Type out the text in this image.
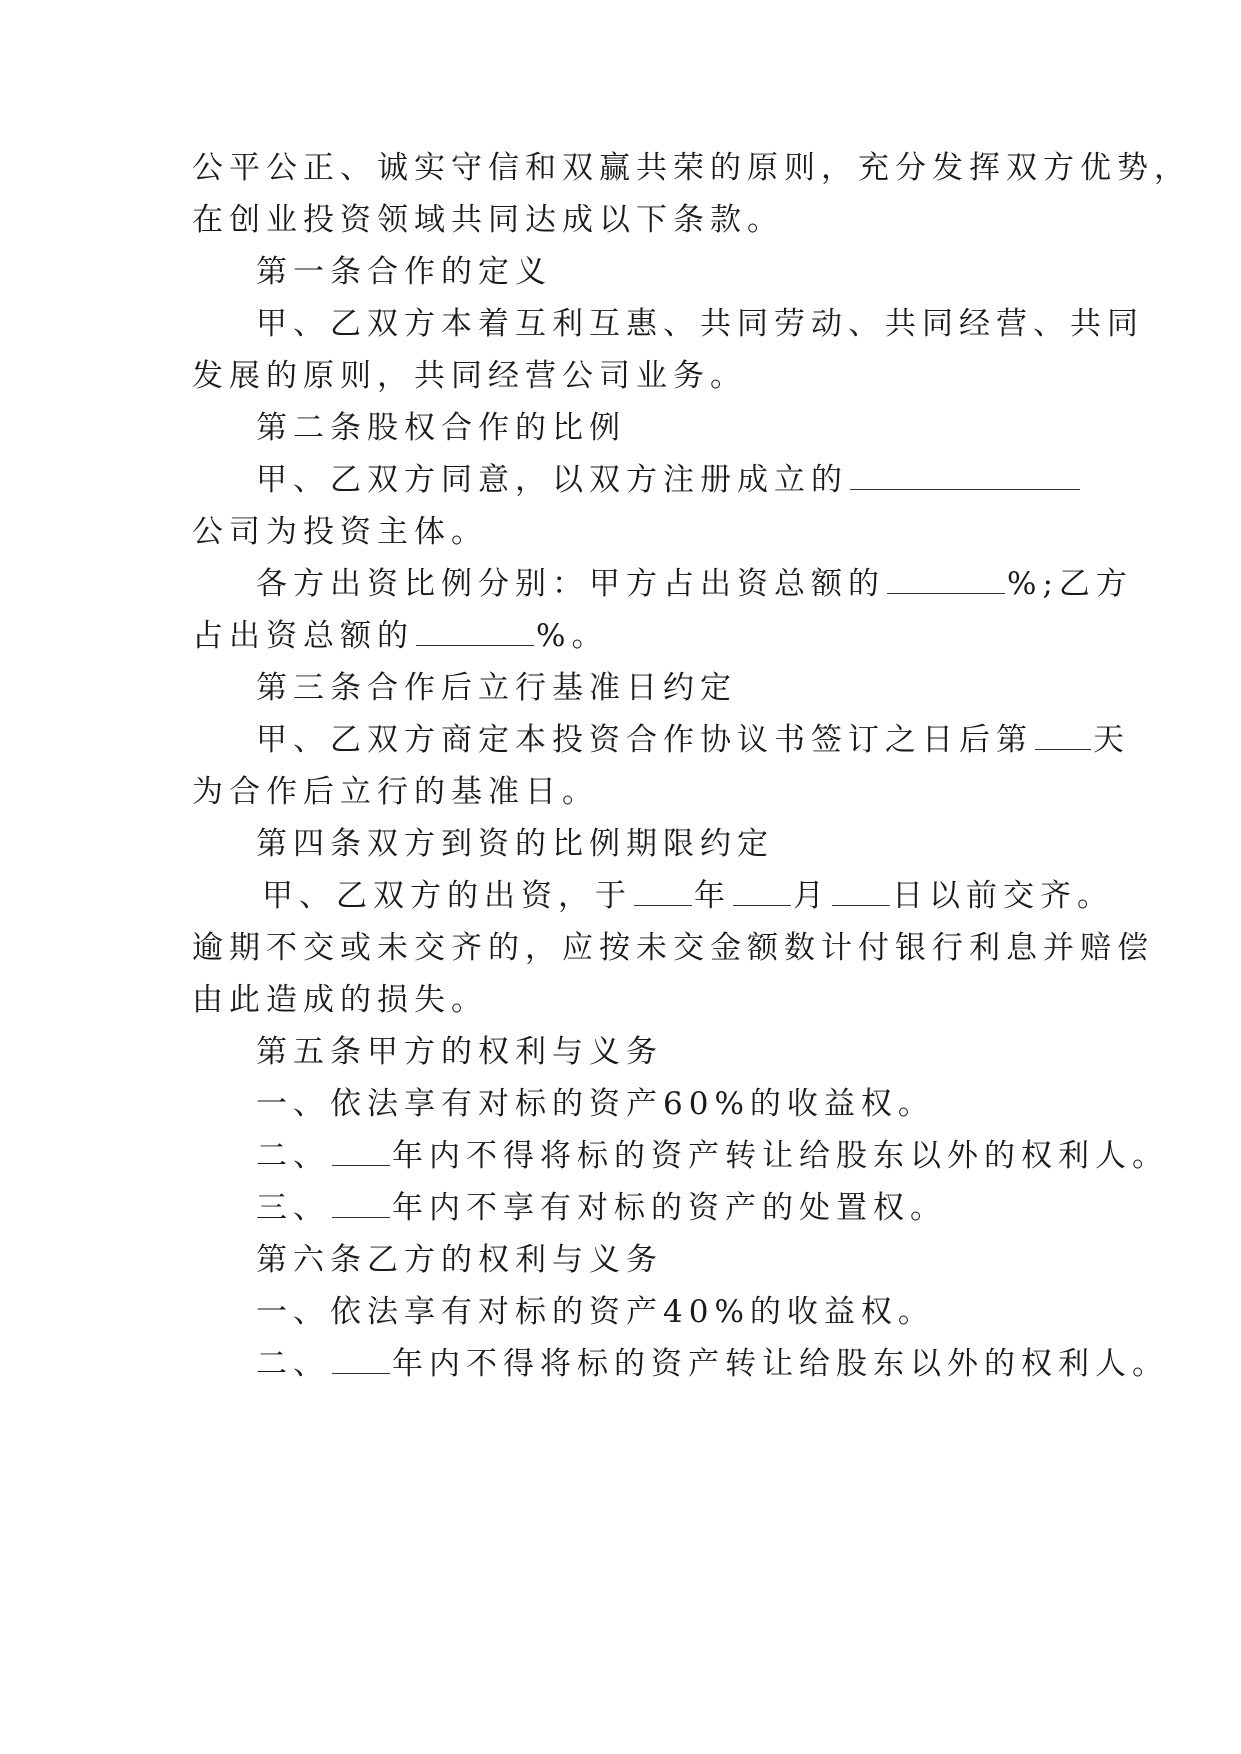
公平公正、诚实守信和双赢共荣的原则，充分发挥双方优势，
在创业投资领域共同达成以下条款。
第一条合作的定义
甲、乙双方本着互利互惠、共同劳动、共同经营、共同
发展的原则，共同经营公司业务。
第二条股权合作的比例
甲、乙双方同意，以双方注册成立的
公司为投资主体。
各方出资比例分别：甲方占出资总额的	%;乙方
占出资总额的	%。
第三条合作后立行基准日约定
甲、乙双方商定本投资合作协议书签订之日后第 天
为合作后立行的基准日。
第四条双方到资的比例期限约定
甲、乙双方的出资，于 年 月 日以前交齐。
逾期不交或未交齐的，应按未交金额数计付银行利息并赔偿
由此造成的损失。
第五条甲方的权利与义务
一、依法享有对标的资产60%的收益权。
二、 年内不得将标的资产转让给股东以外的权利人。
三、 年内不享有对标的资产的处置权。
第六条乙方的权利与义务
一、依法享有对标的资产40%的收益权。
二、 年内不得将标的资产转让给股东以外的权利人。
